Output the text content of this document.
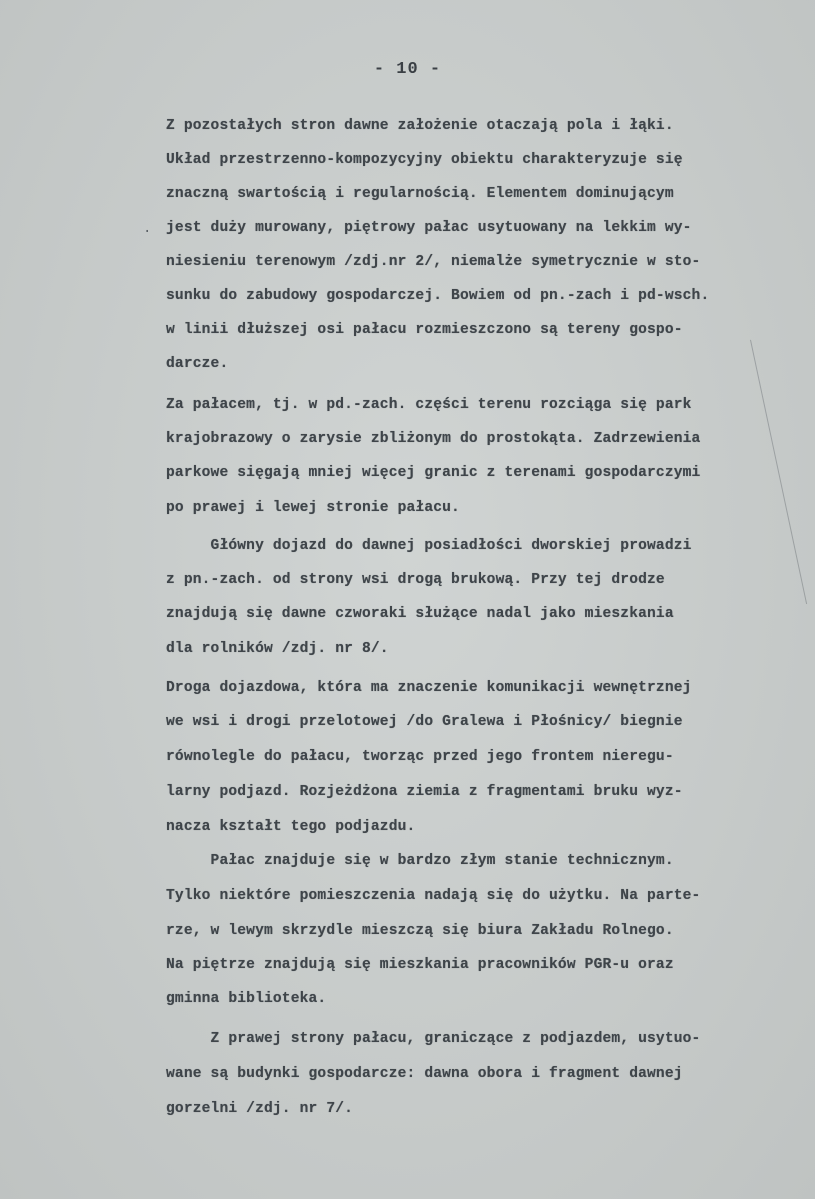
- 10 -
·
Z pozostałych stron dawne założenie otaczają pola i łąki.
Układ przestrzenno-kompozycyjny obiektu charakteryzuje się
znaczną swartością i regularnością. Elementem dominującym
jest duży murowany, piętrowy pałac usytuowany na lekkim wy-
niesieniu terenowym /zdj.nr 2/, niemalże symetrycznie w sto-
sunku do zabudowy gospodarczej. Bowiem od pn.-zach i pd-wsch.
w linii dłuższej osi pałacu rozmieszczono są tereny gospo-
darcze.
Za pałacem, tj. w pd.-zach. części terenu rozciąga się park
krajobrazowy o zarysie zbliżonym do prostokąta. Zadrzewienia
parkowe sięgają mniej więcej granic z terenami gospodarczymi
po prawej i lewej stronie pałacu.
Główny dojazd do dawnej posiadłości dworskiej prowadzi
z pn.-zach. od strony wsi drogą brukową. Przy tej drodze
znajdują się dawne czworaki służące nadal jako mieszkania
dla rolników /zdj. nr 8/.
Droga dojazdowa, która ma znaczenie komunikacji wewnętrznej
we wsi i drogi przelotowej /do Gralewa i Płośnicy/ biegnie
równolegle do pałacu, tworząc przed jego frontem nieregu-
larny podjazd. Rozjeżdżona ziemia z fragmentami bruku wyz-
nacza kształt tego podjazdu.
Pałac znajduje się w bardzo złym stanie technicznym.
Tylko niektóre pomieszczenia nadają się do użytku. Na parte-
rze, w lewym skrzydle mieszczą się biura Zakładu Rolnego.
Na piętrze znajdują się mieszkania pracowników PGR-u oraz
gminna biblioteka.
Z prawej strony pałacu, graniczące z podjazdem, usytuo-
wane są budynki gospodarcze: dawna obora i fragment dawnej
gorzelni /zdj. nr 7/.
